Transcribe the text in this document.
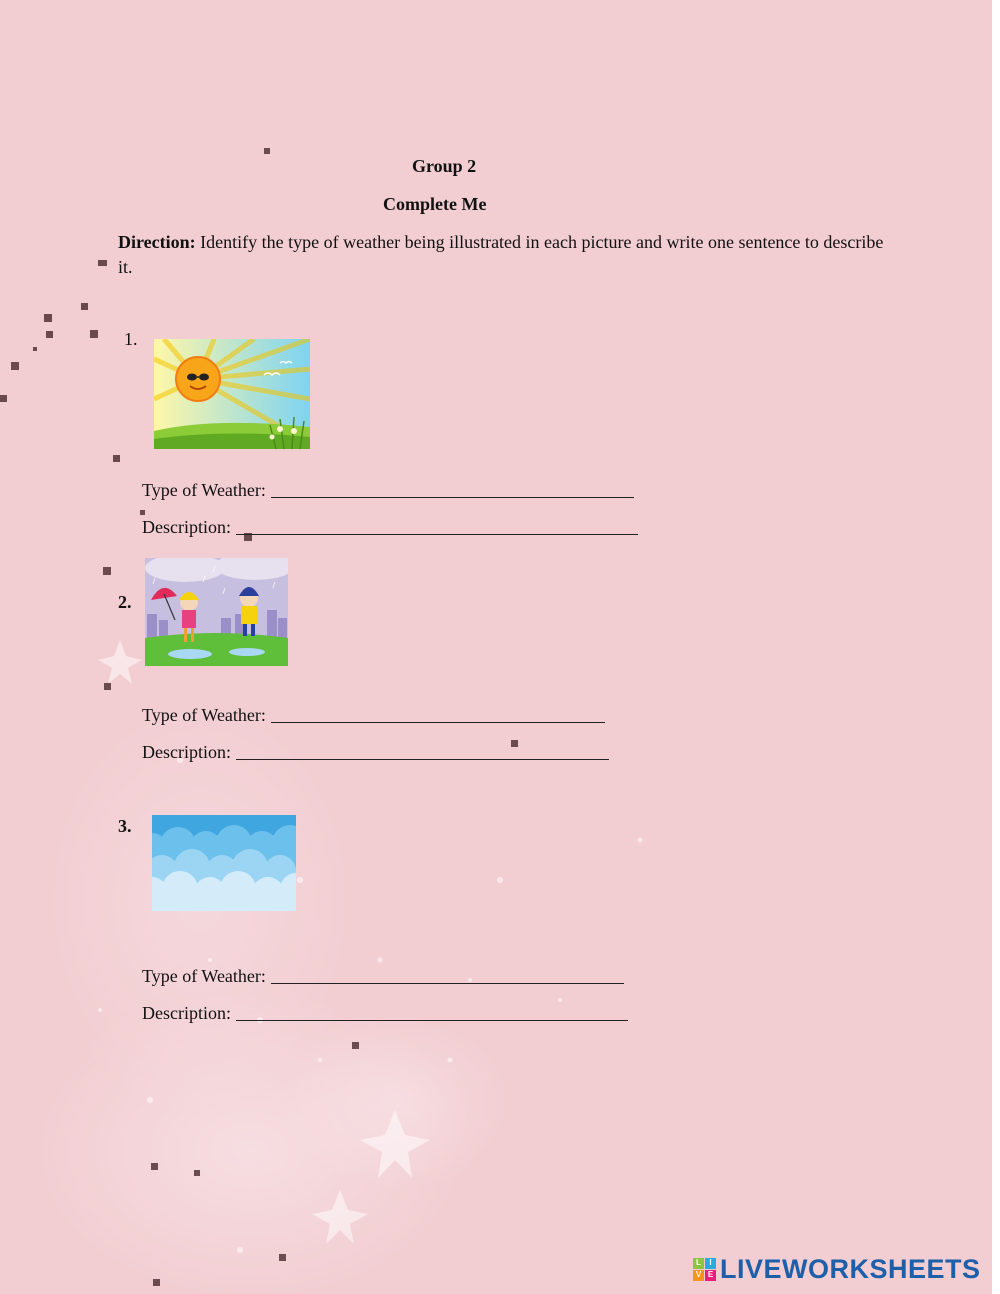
Group 2
Complete Me
Direction: Identify the type of weather being illustrated in each picture and write one sentence to describe it.
1.
Type of Weather:
Description:
2.
Type of Weather:
Description:
3.
Type of Weather:
Description:
L	I
V E LIVEWORKSHEETS
